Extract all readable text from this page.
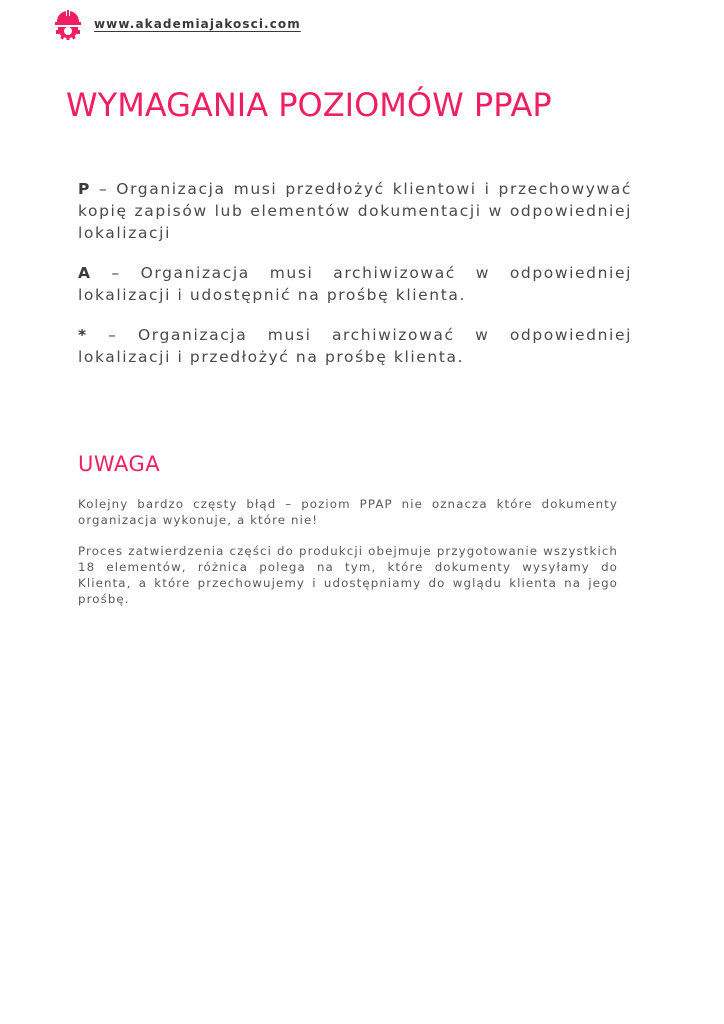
www.akademiajakosci.com
WYMAGANIA POZIOMÓW PPAP

P – Organizacja musi przedłożyć klientowi i przechowywać kopię zapisów lub elementów dokumentacji w odpowiedniej lokalizacji

A – Organizacja musi archiwizować w odpowiedniej lokalizacji i udostępnić na prośbę klienta.

* – Organizacja musi archiwizować w odpowiedniej lokalizacji i przedłożyć na prośbę klienta.

UWAGA

Kolejny bardzo częsty błąd – poziom PPAP nie oznacza które dokumenty organizacja wykonuje, a które nie!

Proces zatwierdzenia części do produkcji obejmuje przygotowanie wszystkich 18 elementów, różnica polega na tym, które dokumenty wysyłamy do Klienta, a które przechowujemy i udostępniamy do wglądu klienta na jego prośbę.
